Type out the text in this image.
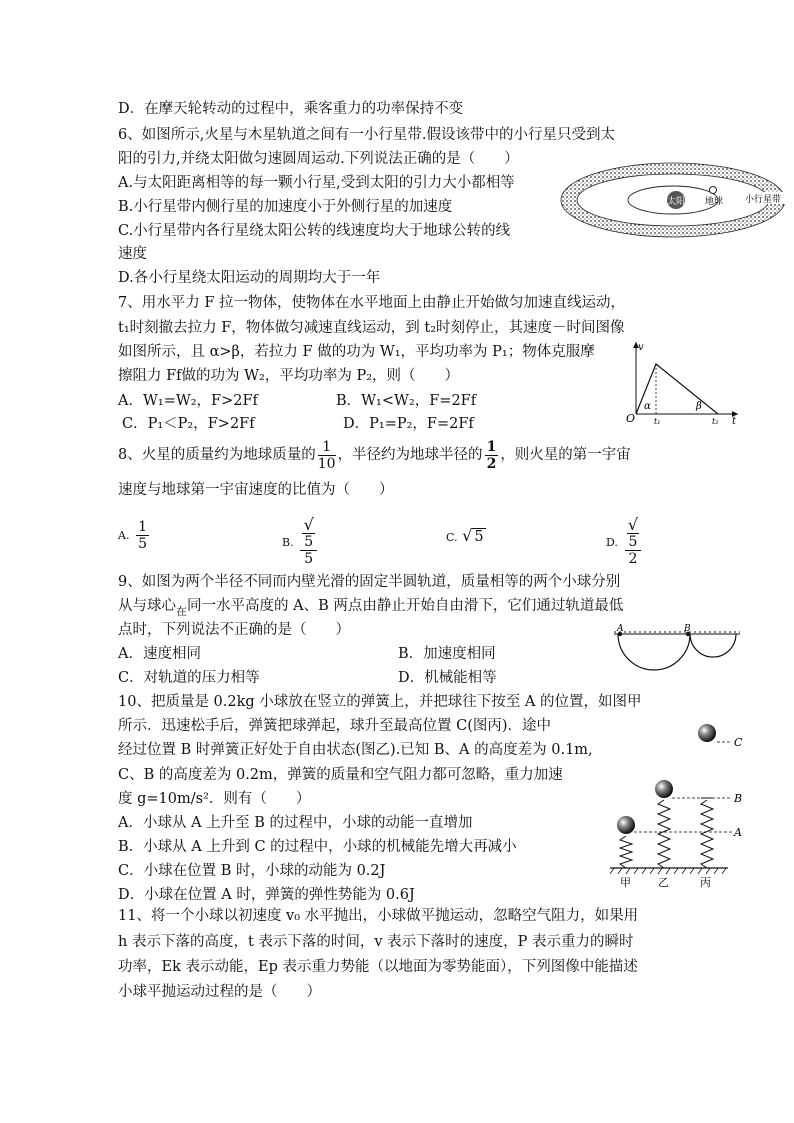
D．在摩天轮转动的过程中，乘客重力的功率保持不变
6、如图所示,火星与木星轨道之间有一小行星带.假设该带中的小行星只受到太
阳的引力,并绕太阳做匀速圆周运动.下列说法正确的是（　　）
A.与太阳距离相等的每一颗小行星,受到太阳的引力大小都相等
B.小行星带内侧行星的加速度小于外侧行星的加速度
C.小行星带内各行星绕太阳公转的线速度均大于地球公转的线
速度
D.各小行星绕太阳运动的周期均大于一年
太阳 地球 小行星带
7、用水平力 F 拉一物体，使物体在水平地面上由静止开始做匀加速直线运动，
t₁时刻撤去拉力 F，物体做匀减速直线运动，到 t₂时刻停止，其速度－时间图像
如图所示，且 α>β，若拉力 F 做的功为 W₁，平均功率为 P₁；物体克服摩
擦阻力 Ff做的功为 W₂，平均功率为 P₂，则（　　）
A．W₁=W₂，F>2Ff	B．W₁<W₂，F=2Ff
C．P₁＜P₂，F>2Ff	D．P₁=P₂，F=2Ff
v
O
α	β
t₁	t₂ t
8、火星的质量约为地球质量的 $\frac{1}{10}$ ，半径约为地球半径的 $\frac{1}{2}$ ，则火星的第一宇宙
速度与地球第一宇宙速度的比值为（　　）
A. $\frac{1}{5}$	B. √
5
5	C. √ 5	D. √
5
2
9、如图为两个半径不同而内壁光滑的固定半圆轨道，质量相等的两个小球分别
从与球心$_在$同一水平高度的 A、B 两点由静止开始自由滑下，它们通过轨道最低
点时，下列说法不正确的是（　　）
A．速度相同	B．加速度相同
C．对轨道的压力相等	D．机械能相等
A	B
10、把质量是 0.2kg 小球放在竖立的弹簧上，并把球往下按至 A 的位置，如图甲
所示．迅速松手后，弹簧把球弹起，球升至最高位置 C(图丙)．途中
经过位置 B 时弹簧正好处于自由状态(图乙).已知 B、A 的高度差为 0.1m,
C、B 的高度差为 0.2m，弹簧的质量和空气阻力都可忽略，重力加速
度 g=10m/s²．则有（　　）
A．小球从 A 上升至 B 的过程中，小球的动能一直增加
B．小球从 A 上升到 C 的过程中，小球的机械能先增大再减小
C．小球在位置 B 时，小球的动能为 0.2J
D．小球在位置 A 时，弹簧的弹性势能为 0.6J
C
B
A
甲 乙	丙
11、将一个小球以初速度 v₀ 水平抛出，小球做平抛运动，忽略空气阻力，如果用
h 表示下落的高度，t 表示下落的时间，v 表示下落时的速度，P 表示重力的瞬时
功率，Ek 表示动能，Ep 表示重力势能（以地面为零势能面），下列图像中能描述
小球平抛运动过程的是（　　）
